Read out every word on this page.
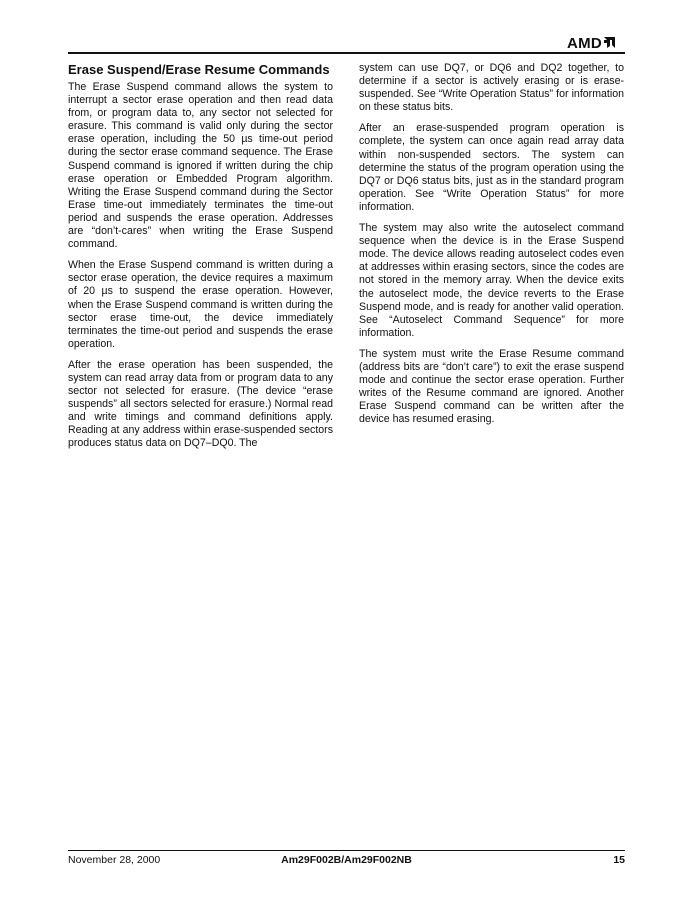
AMD
Erase Suspend/Erase Resume Commands

The Erase Suspend command allows the system to interrupt a sector erase operation and then read data from, or program data to, any sector not selected for erasure. This command is valid only during the sector erase operation, including the 50 µs time-out period during the sector erase command sequence. The Erase Suspend command is ignored if written during the chip erase operation or Embedded Program algorithm. Writing the Erase Suspend command during the Sector Erase time-out immediately terminates the time-out period and suspends the erase operation. Addresses are “don’t-cares” when writing the Erase Suspend command.

When the Erase Suspend command is written during a sector erase operation, the device requires a maximum of 20 µs to suspend the erase operation. However, when the Erase Suspend command is written during the sector erase time-out, the device immediately terminates the time-out period and suspends the erase operation.

After the erase operation has been suspended, the system can read array data from or program data to any sector not selected for erasure. (The device “erase suspends” all sectors selected for erasure.) Normal read and write timings and command definitions apply. Reading at any address within erase-suspended sectors produces status data on DQ7–DQ0. The

system can use DQ7, or DQ6 and DQ2 together, to determine if a sector is actively erasing or is erase-suspended. See “Write Operation Status” for information on these status bits.

After an erase-suspended program operation is complete, the system can once again read array data within non-suspended sectors. The system can determine the status of the program operation using the DQ7 or DQ6 status bits, just as in the standard program operation. See “Write Operation Status” for more information.

The system may also write the autoselect command sequence when the device is in the Erase Suspend mode. The device allows reading autoselect codes even at addresses within erasing sectors, since the codes are not stored in the memory array. When the device exits the autoselect mode, the device reverts to the Erase Suspend mode, and is ready for another valid operation. See “Autoselect Command Sequence” for more information.

The system must write the Erase Resume command (address bits are “don’t care”) to exit the erase suspend mode and continue the sector erase operation. Further writes of the Resume command are ignored. Another Erase Suspend command can be written after the device has resumed erasing.

November 28, 2000	Am29F002B/Am29F002NB	15
